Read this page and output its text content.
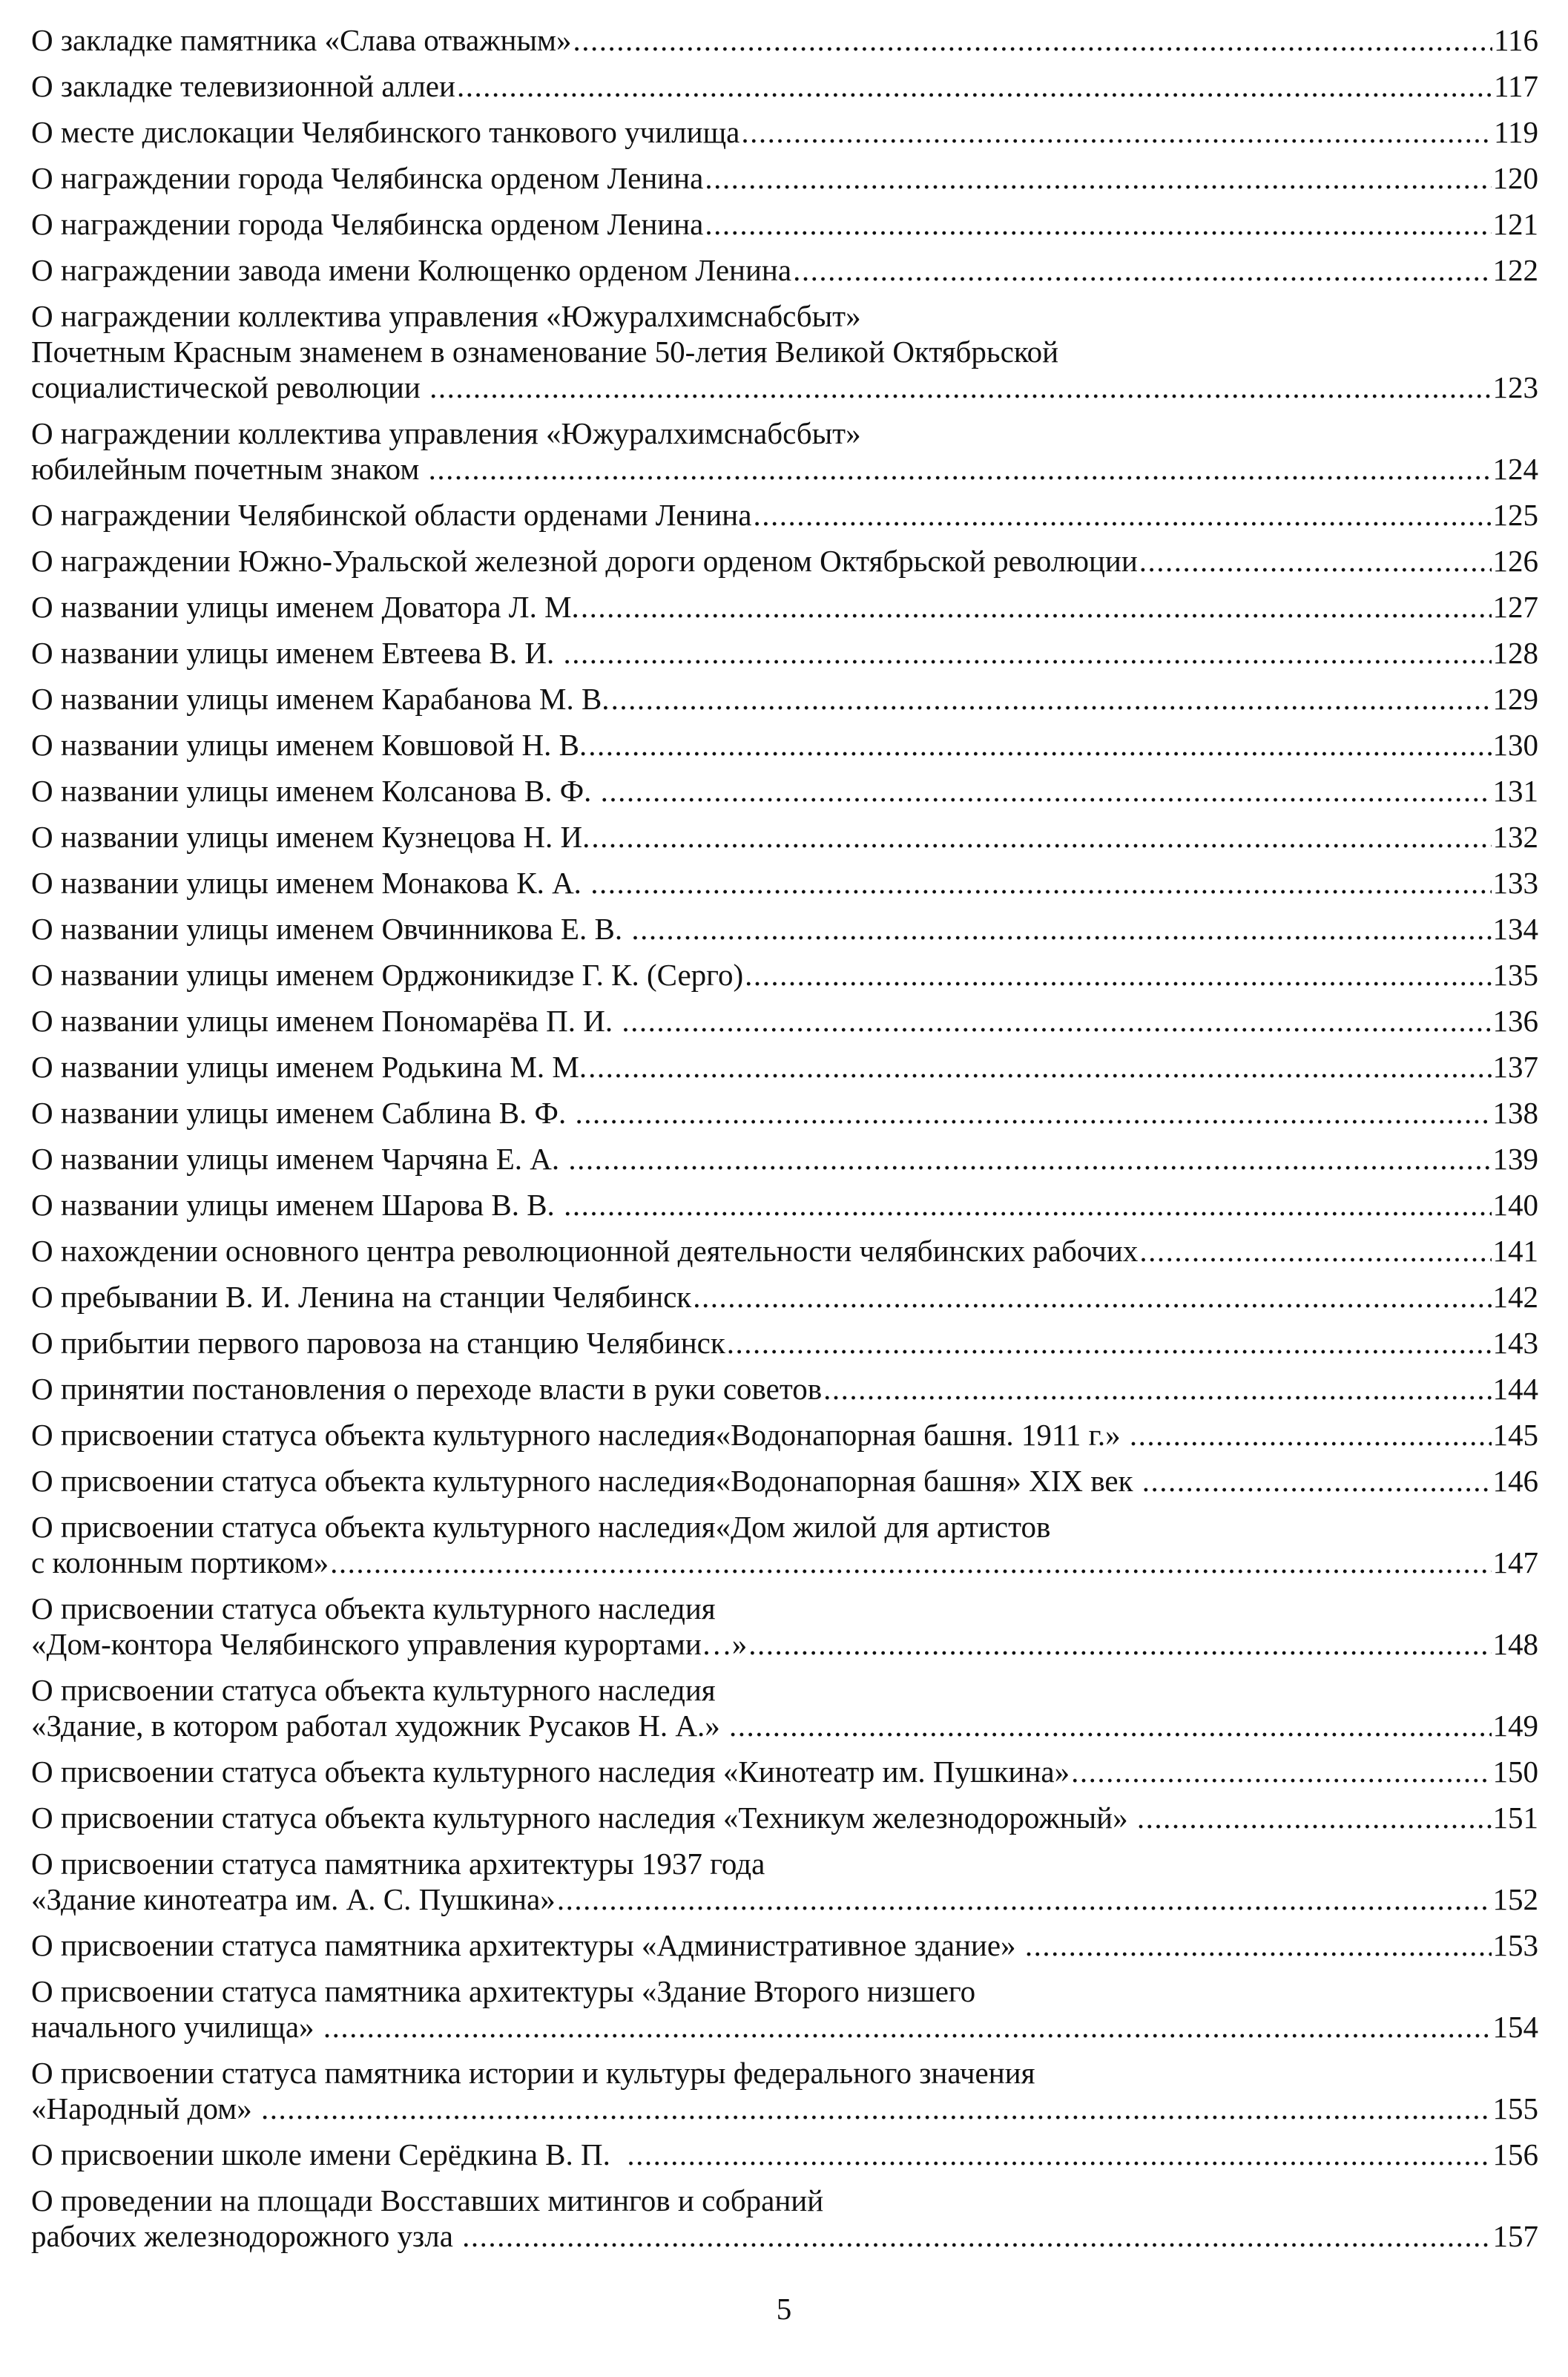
О закладке памятника «Слава отважным» .....	116
О закладке телевизионной аллеи .....	117
О месте дислокации Челябинского танкового училища .....	119
О награждении города Челябинска орденом Ленина .....	120
О награждении города Челябинска орденом Ленина .....	121
О награждении завода имени Колющенко орденом Ленина .....	122
О награждении коллектива управления «Южуралхимснабсбыт»
Почетным Красным знаменем в ознаменование 50-летия Великой Октябрьской
социалистической революции .....	123
О награждении коллектива управления «Южуралхимснабсбыт»
юбилейным почетным знаком .....	124
О награждении Челябинской области орденами Ленина .....	125
О награждении Южно-Уральской железной дороги орденом Октябрьской революции .....	126
О названии улицы именем Доватора Л. М. .....	127
О названии улицы именем Евтеева В. И. .....	128
О названии улицы именем Карабанова М. В. .....	129
О названии улицы именем Ковшовой Н. В. .....	130
О названии улицы именем Колсанова В. Ф. .....	131
О названии улицы именем Кузнецова Н. И. .....	132
О названии улицы именем Монакова К. А. .....	133
О названии улицы именем Овчинникова Е. В. .....	134
О названии улицы именем Орджоникидзе Г. К. (Серго) .....	135
О названии улицы именем Пономарёва П. И. .....	136
О названии улицы именем Родькина М. М. .....	137
О названии улицы именем Саблина В. Ф. .....	138
О названии улицы именем Чарчяна Е. А. .....	139
О названии улицы именем Шарова В. В. .....	140
О нахождении основного центра революционной деятельности челябинских рабочих .....	141
О пребывании В. И. Ленина на станции Челябинск .....	142
О прибытии первого паровоза на станцию Челябинск .....	143
О принятии постановления о переходе власти в руки советов .....	144
О присвоении статуса объекта культурного наследия«Водонапорная башня. 1911 г.» .....	145
О присвоении статуса объекта культурного наследия«Водонапорная башня» XIX век .....	146
О присвоении статуса объекта культурного наследия«Дом жилой для артистов
с колонным портиком» .....	147
О присвоении статуса объекта культурного наследия
«Дом-контора Челябинского управления курортами…» .....	148
О присвоении статуса объекта культурного наследия
«Здание, в котором работал художник Русаков Н. А.» .....	149
О присвоении статуса объекта культурного наследия «Кинотеатр им. Пушкина» .....	150
О присвоении статуса объекта культурного наследия «Техникум железнодорожный» .....	151
О присвоении статуса памятника архитектуры 1937 года
«Здание кинотеатра им. А. С. Пушкина» .....	152
О присвоении статуса памятника архитектуры «Административное здание» .....	153
О присвоении статуса памятника архитектуры «Здание Второго низшего
начального училища» .....	154
О присвоении статуса памятника истории и культуры федерального значения
«Народный дом» .....	155
О присвоении школе имени Серёдкина В. П. .....	156
О проведении на площади Восставших митингов и собраний
рабочих железнодорожного узла .....	157
5
